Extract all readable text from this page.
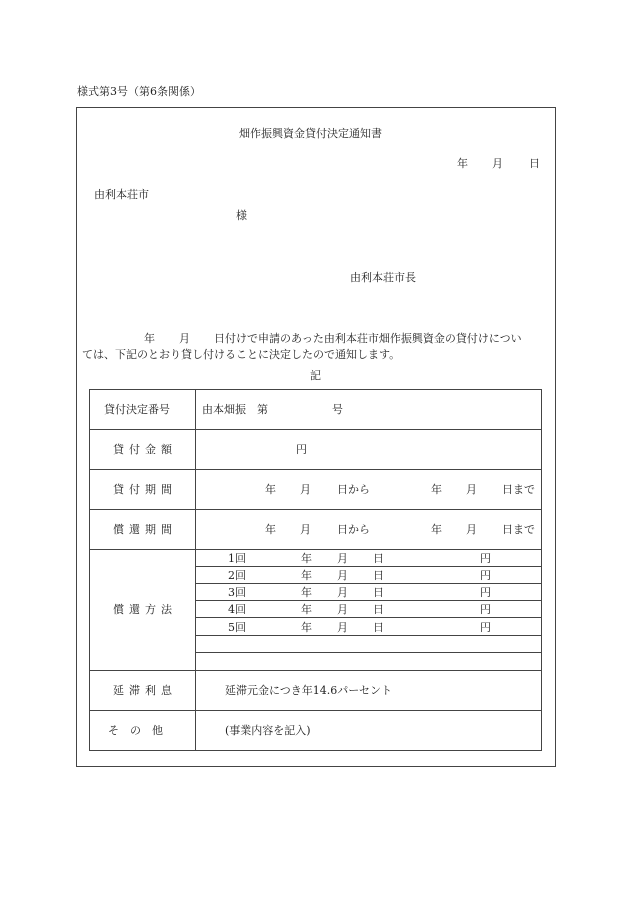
様式第3号（第6条関係）
畑作振興資金貸付決定通知書
年 月 日
由利本荘市
様
由利本荘市長
年 月 日付けで申請のあった由利本荘市畑作振興資金の貸付けについ
ては、下記のとおり貸し付けることに決定したので通知します。
記
貸付決定番号	由本畑振　第	号
貸付金額	円
貸付期間	年 月 日から	年 月 日まで
償還期間	年 月 日から	年 月 日まで
償還方法
1回	年 月 日	円
2回	年 月 日	円
3回	年 月 日	円
4回	年 月 日	円
5回	年 月 日	円
延滞利息	延滞元金につき年14.6パーセント
そ　の　他	(事業内容を記入)
